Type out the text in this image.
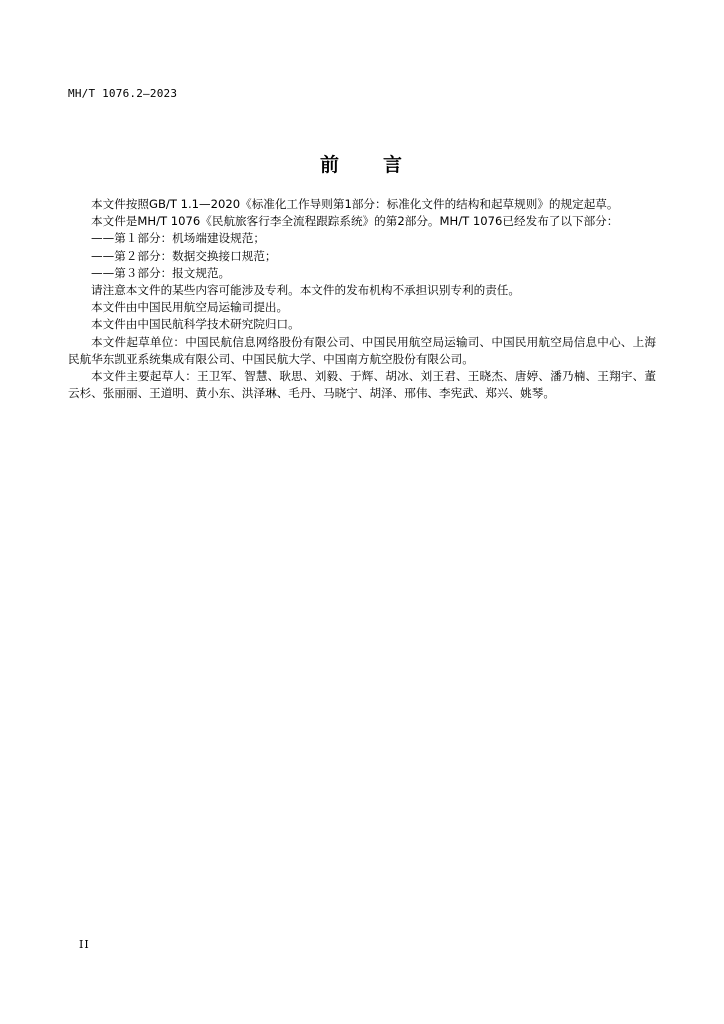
MH/T 1076.2—2023
前　　言

本文件按照GB/T 1.1—2020《标准化工作导则第1部分：标准化文件的结构和起草规则》的规定起草。

本文件是MH/T 1076《民航旅客行李全流程跟踪系统》的第2部分。MH/T 1076已经发布了以下部分：

——第１部分：机场端建设规范；
——第２部分：数据交换接口规范；
——第３部分：报文规范。

请注意本文件的某些内容可能涉及专利。本文件的发布机构不承担识别专利的责任。

本文件由中国民用航空局运输司提出。

本文件由中国民航科学技术研究院归口。

本文件起草单位：中国民航信息网络股份有限公司、中国民用航空局运输司、中国民用航空局信息中心、上海民航华东凯亚系统集成有限公司、中国民航大学、中国南方航空股份有限公司。

本文件主要起草人：王卫军、智慧、耿思、刘毅、于辉、胡冰、刘王君、王晓杰、唐婷、潘乃楠、王翔宇、董云杉、张丽丽、王道明、黄小东、洪泽琳、毛丹、马晓宁、胡泽、邢伟、李宪武、郑兴、姚琴。

II
